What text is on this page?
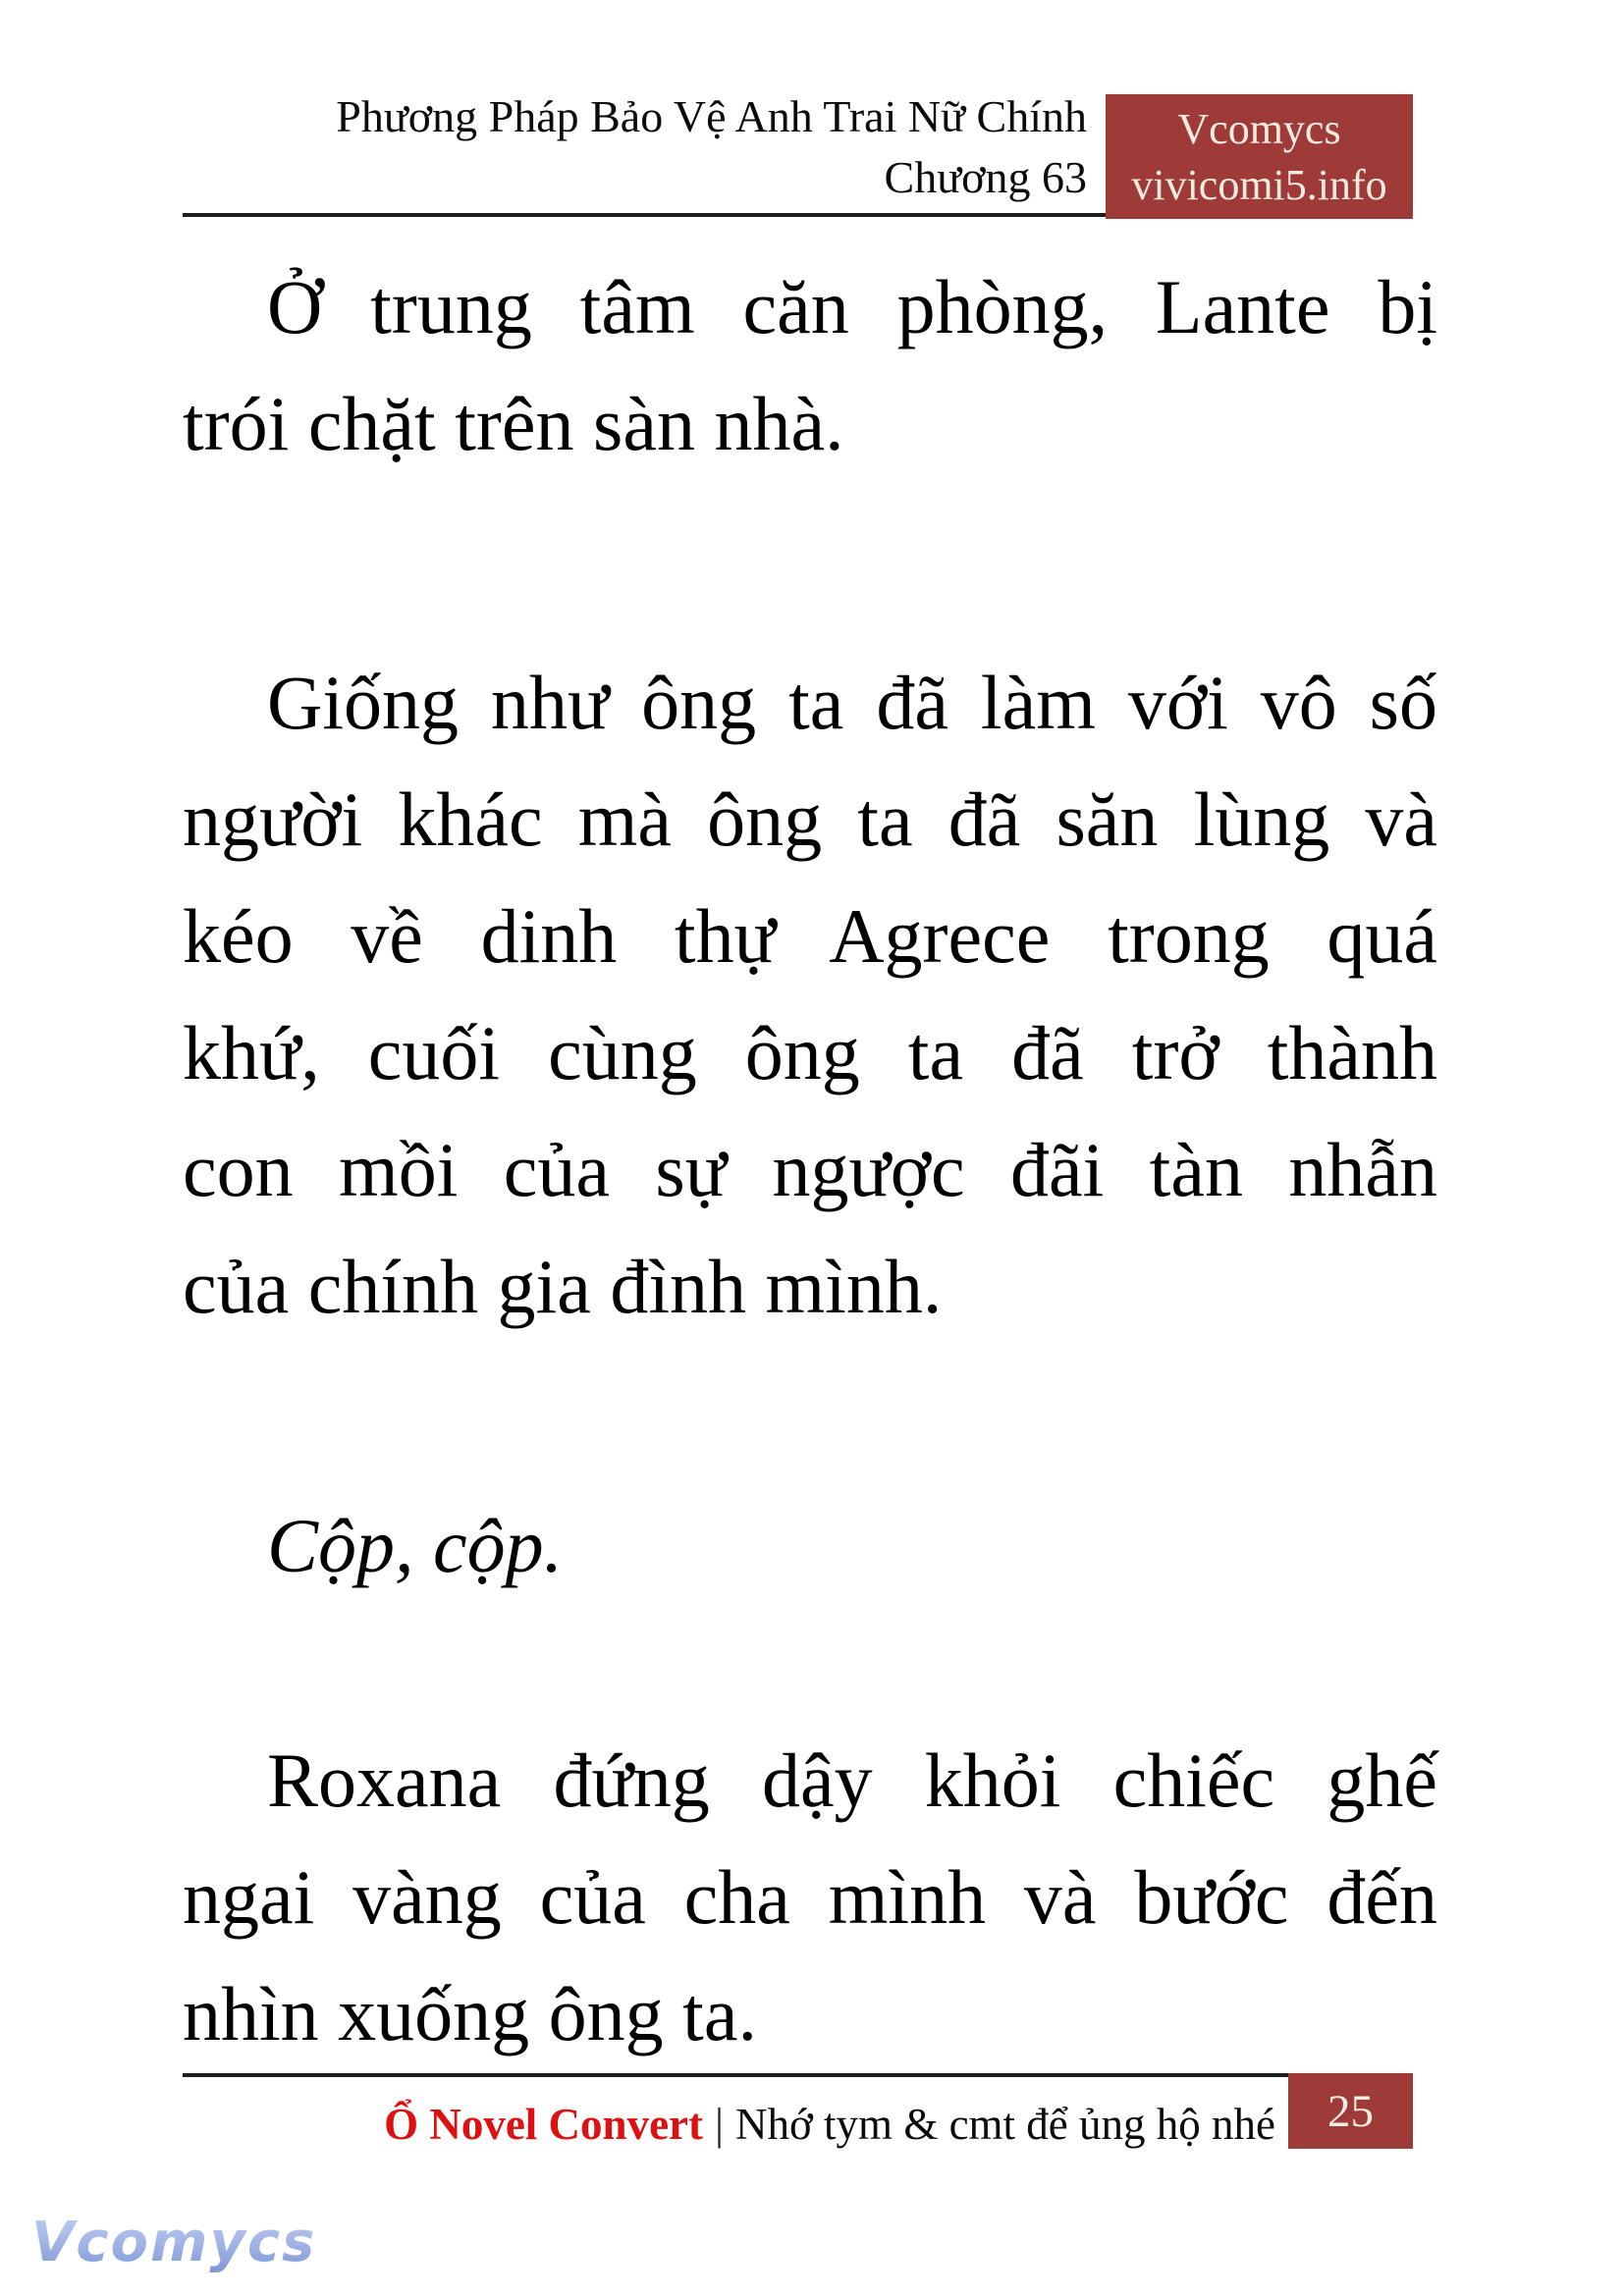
Phương Pháp Bảo Vệ Anh Trai Nữ Chính
Chương 63
Vcomycs
vivicomi5.info

Ở trung tâm căn phòng, Lante bị
trói chặt trên sàn nhà.

Giống như ông ta đã làm với vô số
người khác mà ông ta đã săn lùng và
kéo về dinh thự Agrece trong quá
khứ, cuối cùng ông ta đã trở thành
con mồi của sự ngược đãi tàn nhẫn
của chính gia đình mình.

Cộp, cộp.

Roxana đứng dậy khỏi chiếc ghế
ngai vàng của cha mình và bước đến
nhìn xuống ông ta.

Ổ Novel Convert | Nhớ tym & cmt để ủng hộ nhé 25
Vcomycs
